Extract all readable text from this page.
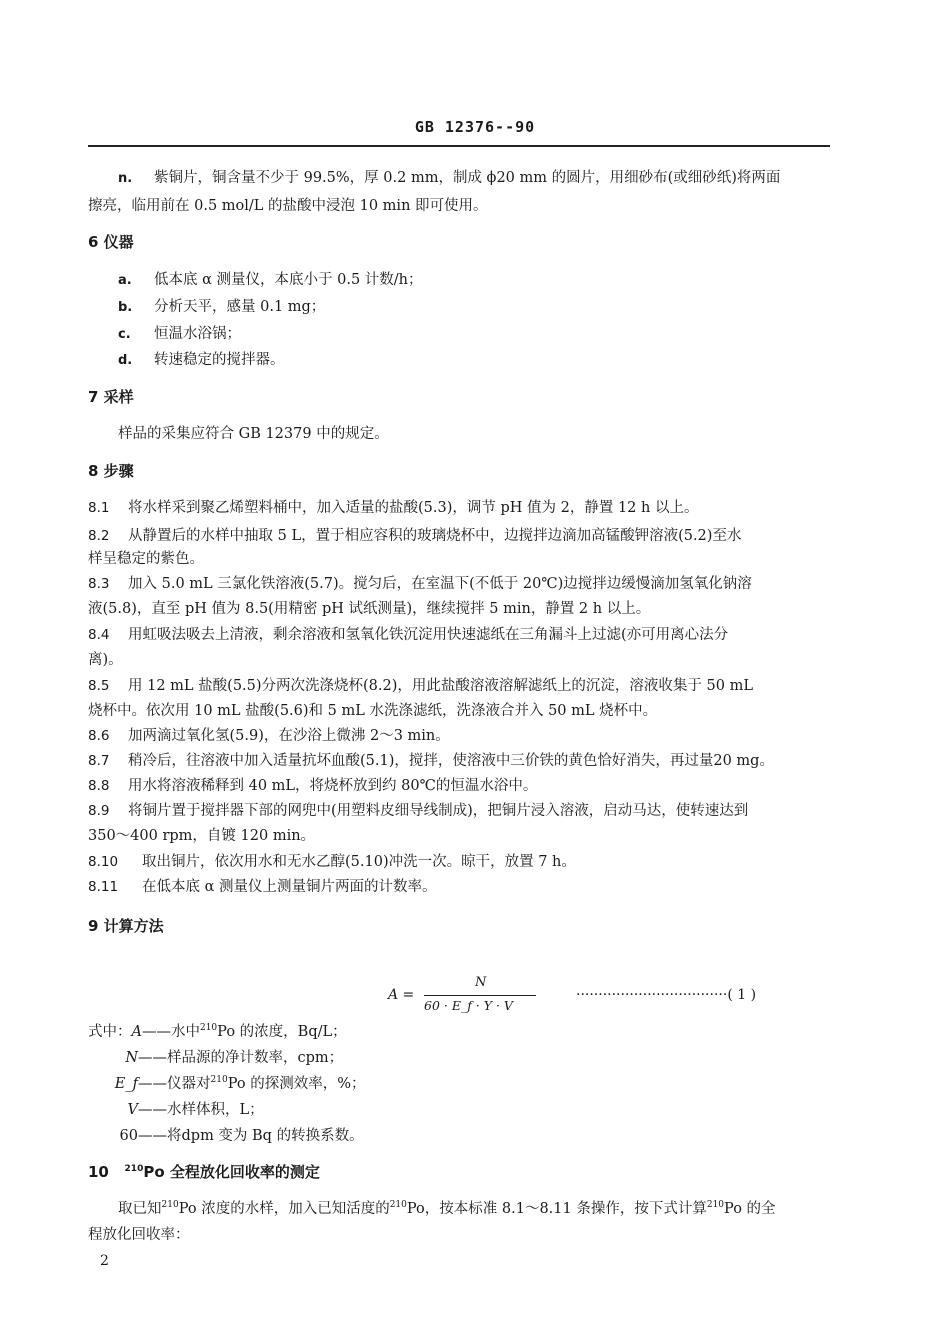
GB 12376--90
n. 紫铜片，铜含量不少于 99.5%，厚 0.2 mm，制成 ϕ20 mm 的圆片，用细砂布(或细砂纸)将两面
擦亮，临用前在 0.5 mol/L 的盐酸中浸泡 10 min 即可使用。
6 仪器
a. 低本底 α 测量仪，本底小于 0.5 计数/h；
b. 分析天平，感量 0.1 mg；
c. 恒温水浴锅；
d. 转速稳定的搅拌器。
7 采样
样品的采集应符合 GB 12379 中的规定。
8 步骤
8.1 将水样采到聚乙烯塑料桶中，加入适量的盐酸(5.3)，调节 pH 值为 2，静置 12 h 以上。
8.2 从静置后的水样中抽取 5 L，置于相应容积的玻璃烧杯中，边搅拌边滴加高锰酸钾溶液(5.2)至水
样呈稳定的紫色。
8.3 加入 5.0 mL 三氯化铁溶液(5.7)。搅匀后，在室温下(不低于 20℃)边搅拌边缓慢滴加氢氧化钠溶
液(5.8)，直至 pH 值为 8.5(用精密 pH 试纸测量)，继续搅拌 5 min，静置 2 h 以上。
8.4 用虹吸法吸去上清液，剩余溶液和氢氧化铁沉淀用快速滤纸在三角漏斗上过滤(亦可用离心法分
离)。
8.5 用 12 mL 盐酸(5.5)分两次洗涤烧杯(8.2)，用此盐酸溶液溶解滤纸上的沉淀，溶液收集于 50 mL
烧杯中。依次用 10 mL 盐酸(5.6)和 5 mL 水洗涤滤纸，洗涤液合并入 50 mL 烧杯中。
8.6 加两滴过氧化氢(5.9)，在沙浴上微沸 2～3 min。
8.7 稍冷后，往溶液中加入适量抗坏血酸(5.1)，搅拌，使溶液中三价铁的黄色恰好消失，再过量20 mg。
8.8 用水将溶液稀释到 40 mL，将烧杯放到约 80℃的恒温水浴中。
8.9 将铜片置于搅拌器下部的网兜中(用塑料皮细导线制成)，把铜片浸入溶液，启动马达，使转速达到
350～400 rpm，自镀 120 min。
8.10 取出铜片，依次用水和无水乙醇(5.10)冲洗一次。晾干，放置 7 h。
8.11 在低本底 α 测量仪上测量铜片两面的计数率。
9 计算方法
A =
N
60 · E_f · Y · V
··································( 1 )
式中：A——水中$^{210}$Po 的浓度，Bq/L；
N——样品源的净计数率，cpm；
E_f——仪器对$^{210}$Po 的探测效率，%；
V——水样体积，L；
60——将dpm 变为 Bq 的转换系数。
10 $^{210}$Po 全程放化回收率的测定
取已知$^{210}$Po 浓度的水样，加入已知活度的$^{210}$Po，按本标准 8.1～8.11 条操作，按下式计算$^{210}$Po 的全
程放化回收率：
2
